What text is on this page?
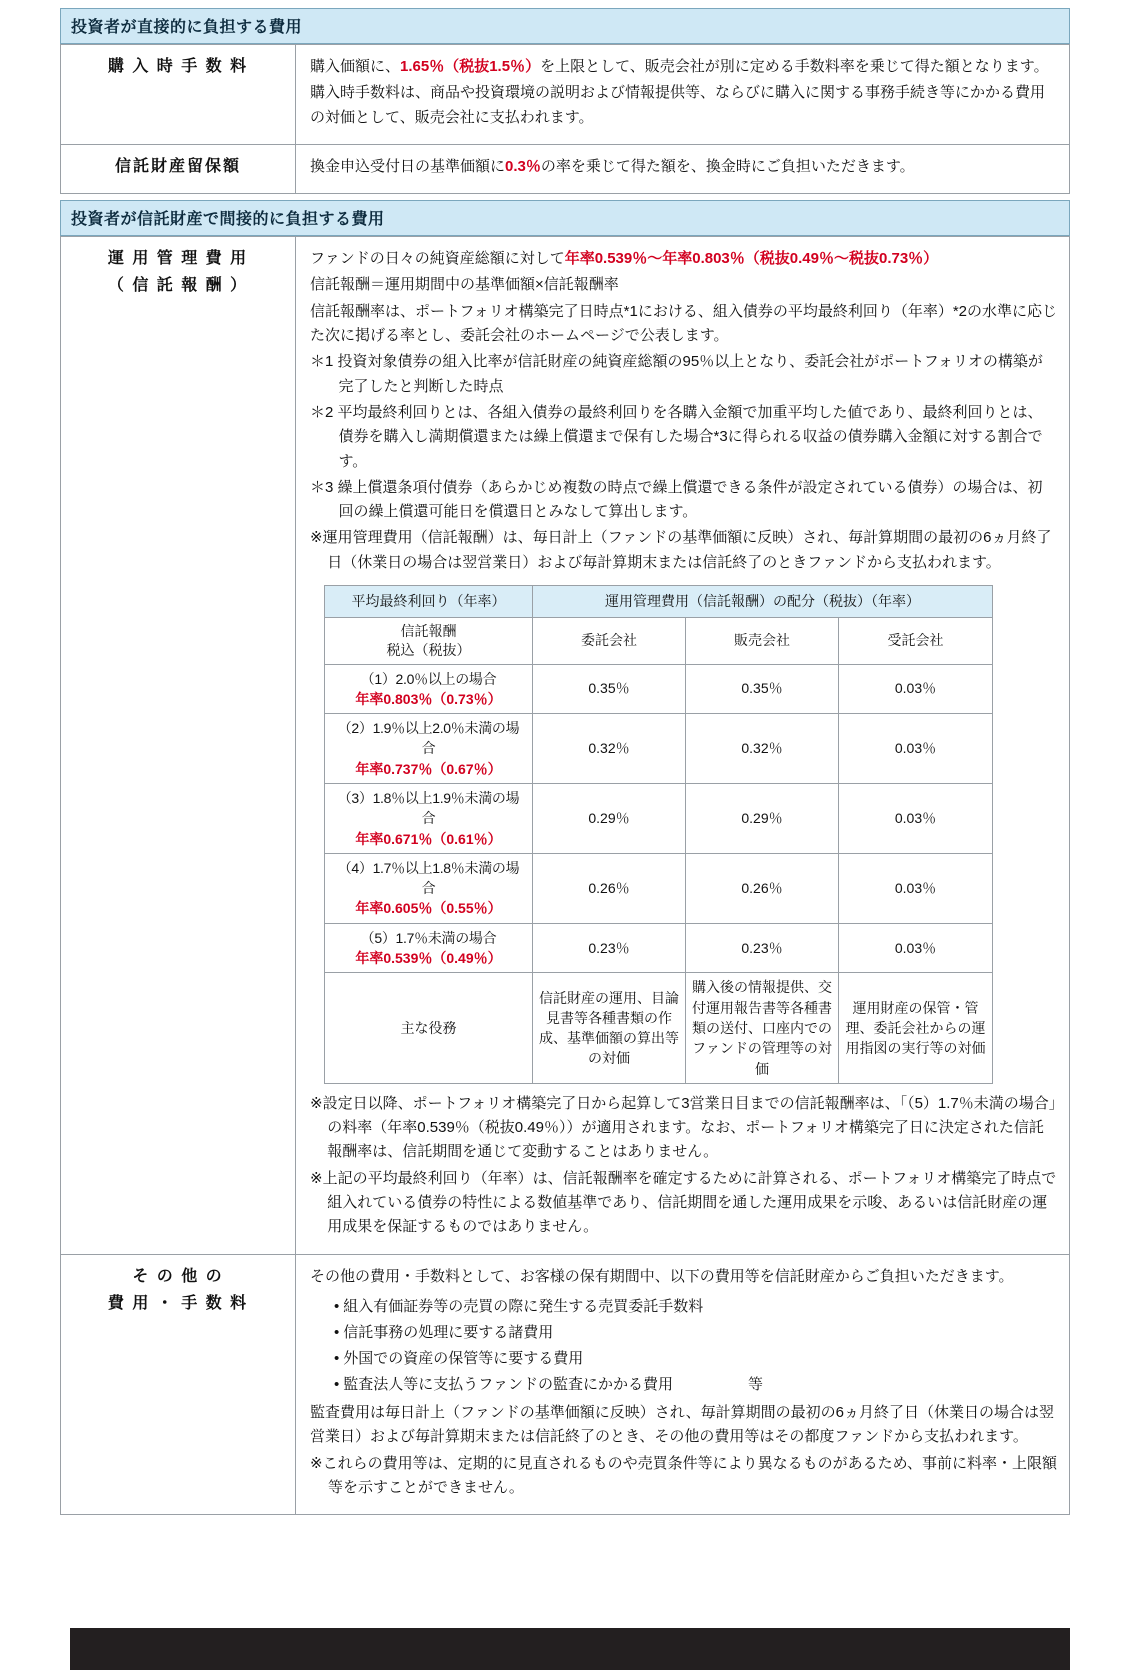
投資者が直接的に負担する費用
購 入 時 手 数 料	購入価額に、1.65％（税抜1.5％）を上限として、販売会社が別に定める手数料率を乗じて得た額となります。

購入時手数料は、商品や投資環境の説明および情報提供等、ならびに購入に関する事務手続き等にかかる費用の対価として、販売会社に支払われます。

信託財産留保額	換金申込受付日の基準価額に0.3％の率を乗じて得た額を、換金時にご負担いただきます。

投資者が信託財産で間接的に負担する費用
運 用 管 理 費 用
（ 信 託 報 酬 ）

ファンドの日々の純資産総額に対して年率0.539％～年率0.803％（税抜0.49％～税抜0.73％）

信託報酬＝運用期間中の基準価額×信託報酬率

信託報酬率は、ポートフォリオ構築完了日時点*1における、組入債券の平均最終利回り（年率）*2の水準に応じた次に掲げる率とし、委託会社のホームページで公表します。

＊1 投資対象債券の組入比率が信託財産の純資産総額の95％以上となり、委託会社がポートフォリオの構築が完了したと判断した時点

＊2 平均最終利回りとは、各組入債券の最終利回りを各購入金額で加重平均した値であり、最終利回りとは、債券を購入し満期償還または繰上償還まで保有した場合*3に得られる収益の債券購入金額に対する割合です。

＊3 繰上償還条項付債券（あらかじめ複数の時点で繰上償還できる条件が設定されている債券）の場合は、初回の繰上償還可能日を償還日とみなして算出します。

※運用管理費用（信託報酬）は、毎日計上（ファンドの基準価額に反映）され、毎計算期間の最初の6ヵ月終了日（休業日の場合は翌営業日）および毎計算期末または信託終了のときファンドから支払われます。

平均最終利回り（年率）	運用管理費用（信託報酬）の配分（税抜）（年率）

信託報酬
税込（税抜）
	委託会社	販売会社	受託会社

（1）2.0％以上の場合
年率0.803％（0.73％）
	0.35％	0.35％	0.03％

（2）1.9％以上2.0％未満の場合
年率0.737％（0.67％）
	0.32％	0.32％	0.03％

（3）1.8％以上1.9％未満の場合
年率0.671％（0.61％）
	0.29％	0.29％	0.03％

（4）1.7％以上1.8％未満の場合
年率0.605％（0.55％）
	0.26％	0.26％	0.03％

（5）1.7％未満の場合
年率0.539％（0.49％）
	0.23％	0.23％	0.03％
主な役務	信託財産の運用、目論見書等各種書類の作成、基準価額の算出等の対価	購入後の情報提供、交付運用報告書等各種書類の送付、口座内でのファンドの管理等の対価	運用財産の保管・管理、委託会社からの運用指図の実行等の対価

※設定日以降、ポートフォリオ構築完了日から起算して3営業日目までの信託報酬率は、「（5）1.7％未満の場合」の料率（年率0.539％（税抜0.49％））が適用されます。なお、ポートフォリオ構築完了日に決定された信託報酬率は、信託期間を通じて変動することはありません。

※上記の平均最終利回り（年率）は、信託報酬率を確定するために計算される、ポートフォリオ構築完了時点で組入れている債券の特性による数値基準であり、信託期間を通した運用成果を示唆、あるいは信託財産の運用成果を保証するものではありません。

そ の 他 の
費 用 ・ 手 数 料

その他の費用・手数料として、お客様の保有期間中、以下の費用等を信託財産からご負担いただきます。

• 組入有価証券等の売買の際に発生する売買委託手数料
• 信託事務の処理に要する諸費用
• 外国での資産の保管等に要する費用
• 監査法人等に支払うファンドの監査にかかる費用　　　　　等

監査費用は毎日計上（ファンドの基準価額に反映）され、毎計算期間の最初の6ヵ月終了日（休業日の場合は翌営業日）および毎計算期末または信託終了のとき、その他の費用等はその都度ファンドから支払われます。

※これらの費用等は、定期的に見直されるものや売買条件等により異なるものがあるため、事前に料率・上限額等を示すことができません。
